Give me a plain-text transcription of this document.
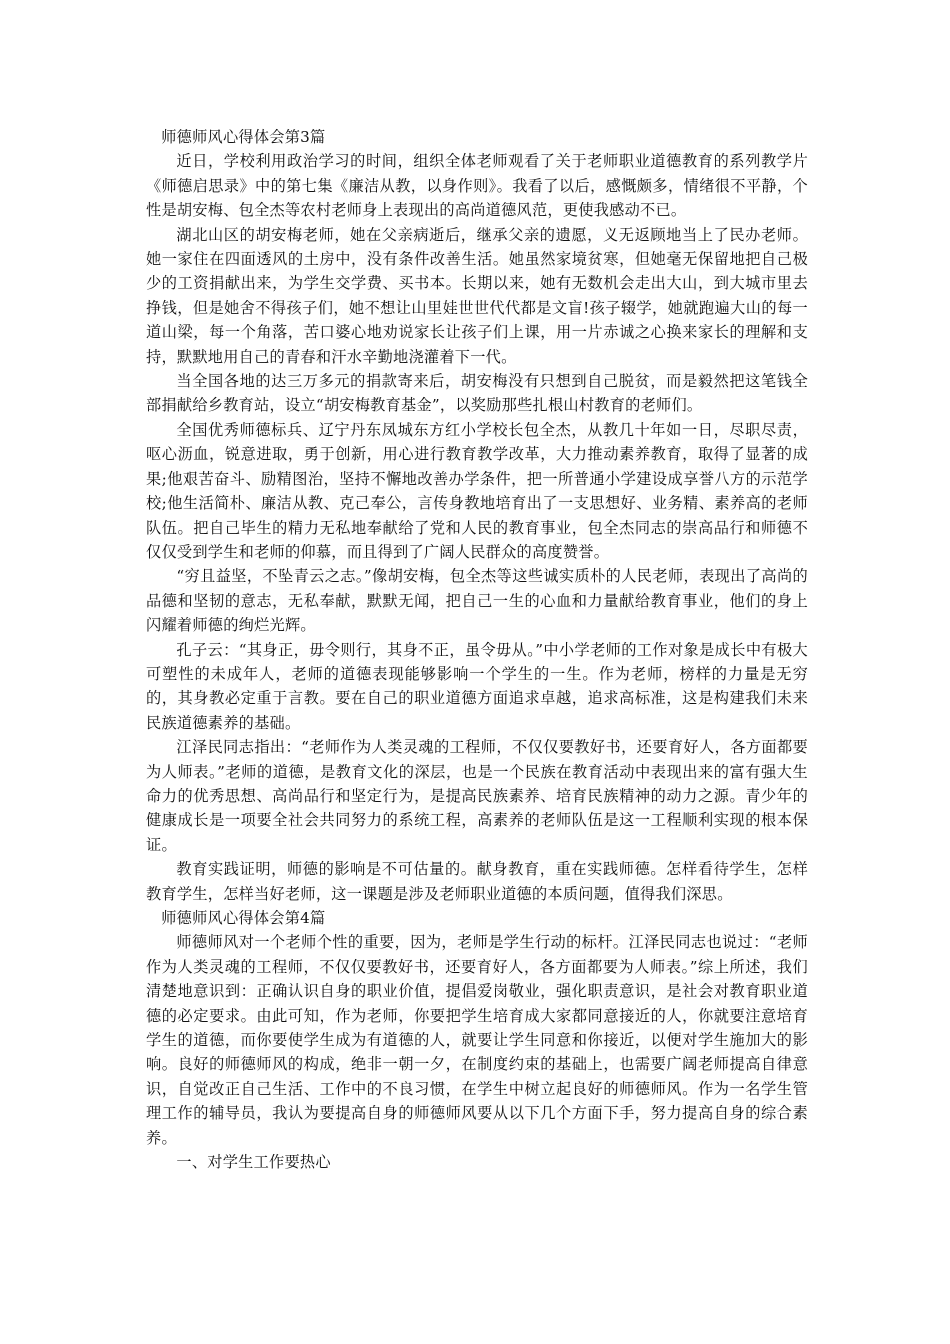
师德师风心得体会第3篇

近日，学校利用政治学习的时间，组织全体老师观看了关于老师职业道德教育的系列教学片《师德启思录》中的第七集《廉洁从教，以身作则》。我看了以后，感慨颇多，情绪很不平静，个性是胡安梅、包全杰等农村老师身上表现出的高尚道德风范，更使我感动不已。

湖北山区的胡安梅老师，她在父亲病逝后，继承父亲的遗愿，义无返顾地当上了民办老师。她一家住在四面透风的土房中，没有条件改善生活。她虽然家境贫寒，但她毫无保留地把自己极少的工资捐献出来，为学生交学费、买书本。长期以来，她有无数机会走出大山，到大城市里去挣钱，但是她舍不得孩子们，她不想让山里娃世世代代都是文盲!孩子辍学，她就跑遍大山的每一道山梁，每一个角落，苦口婆心地劝说家长让孩子们上课，用一片赤诚之心换来家长的理解和支持，默默地用自己的青春和汗水辛勤地浇灌着下一代。

当全国各地的达三万多元的捐款寄来后，胡安梅没有只想到自己脱贫，而是毅然把这笔钱全部捐献给乡教育站，设立“胡安梅教育基金”，以奖励那些扎根山村教育的老师们。

全国优秀师德标兵、辽宁丹东凤城东方红小学校长包全杰，从教几十年如一日，尽职尽责，呕心沥血，锐意进取，勇于创新，用心进行教育教学改革，大力推动素养教育，取得了显著的成果;他艰苦奋斗、励精图治，坚持不懈地改善办学条件，把一所普通小学建设成享誉八方的示范学校;他生活简朴、廉洁从教、克己奉公，言传身教地培育出了一支思想好、业务精、素养高的老师队伍。把自己毕生的精力无私地奉献给了党和人民的教育事业，包全杰同志的崇高品行和师德不仅仅受到学生和老师的仰慕，而且得到了广阔人民群众的高度赞誉。

“穷且益坚，不坠青云之志。”像胡安梅，包全杰等这些诚实质朴的人民老师，表现出了高尚的品德和坚韧的意志，无私奉献，默默无闻，把自己一生的心血和力量献给教育事业，他们的身上闪耀着师德的绚烂光辉。

孔子云：“其身正，毋令则行，其身不正，虽令毋从。”中小学老师的工作对象是成长中有极大可塑性的未成年人，老师的道德表现能够影响一个学生的一生。作为老师，榜样的力量是无穷的，其身教必定重于言教。要在自己的职业道德方面追求卓越，追求高标准，这是构建我们未来民族道德素养的基础。

江泽民同志指出：“老师作为人类灵魂的工程师，不仅仅要教好书，还要育好人，各方面都要为人师表。”老师的道德，是教育文化的深层，也是一个民族在教育活动中表现出来的富有强大生命力的优秀思想、高尚品行和坚定行为，是提高民族素养、培育民族精神的动力之源。青少年的健康成长是一项要全社会共同努力的系统工程，高素养的老师队伍是这一工程顺利实现的根本保证。

教育实践证明，师德的影响是不可估量的。献身教育，重在实践师德。怎样看待学生，怎样教育学生，怎样当好老师，这一课题是涉及老师职业道德的本质问题，值得我们深思。

师德师风心得体会第4篇

师德师风对一个老师个性的重要，因为，老师是学生行动的标杆。江泽民同志也说过：“老师作为人类灵魂的工程师，不仅仅要教好书，还要育好人，各方面都要为人师表。”综上所述，我们清楚地意识到：正确认识自身的职业价值，提倡爱岗敬业，强化职责意识，是社会对教育职业道德的必定要求。由此可知，作为老师，你要把学生培育成大家都同意接近的人，你就要注意培育学生的道德，而你要使学生成为有道德的人，就要让学生同意和你接近，以便对学生施加大的影响。良好的师德师风的构成，绝非一朝一夕，在制度约束的基础上，也需要广阔老师提高自律意识，自觉改正自己生活、工作中的不良习惯，在学生中树立起良好的师德师风。作为一名学生管理工作的辅导员，我认为要提高自身的师德师风要从以下几个方面下手，努力提高自身的综合素养。

一、对学生工作要热心
